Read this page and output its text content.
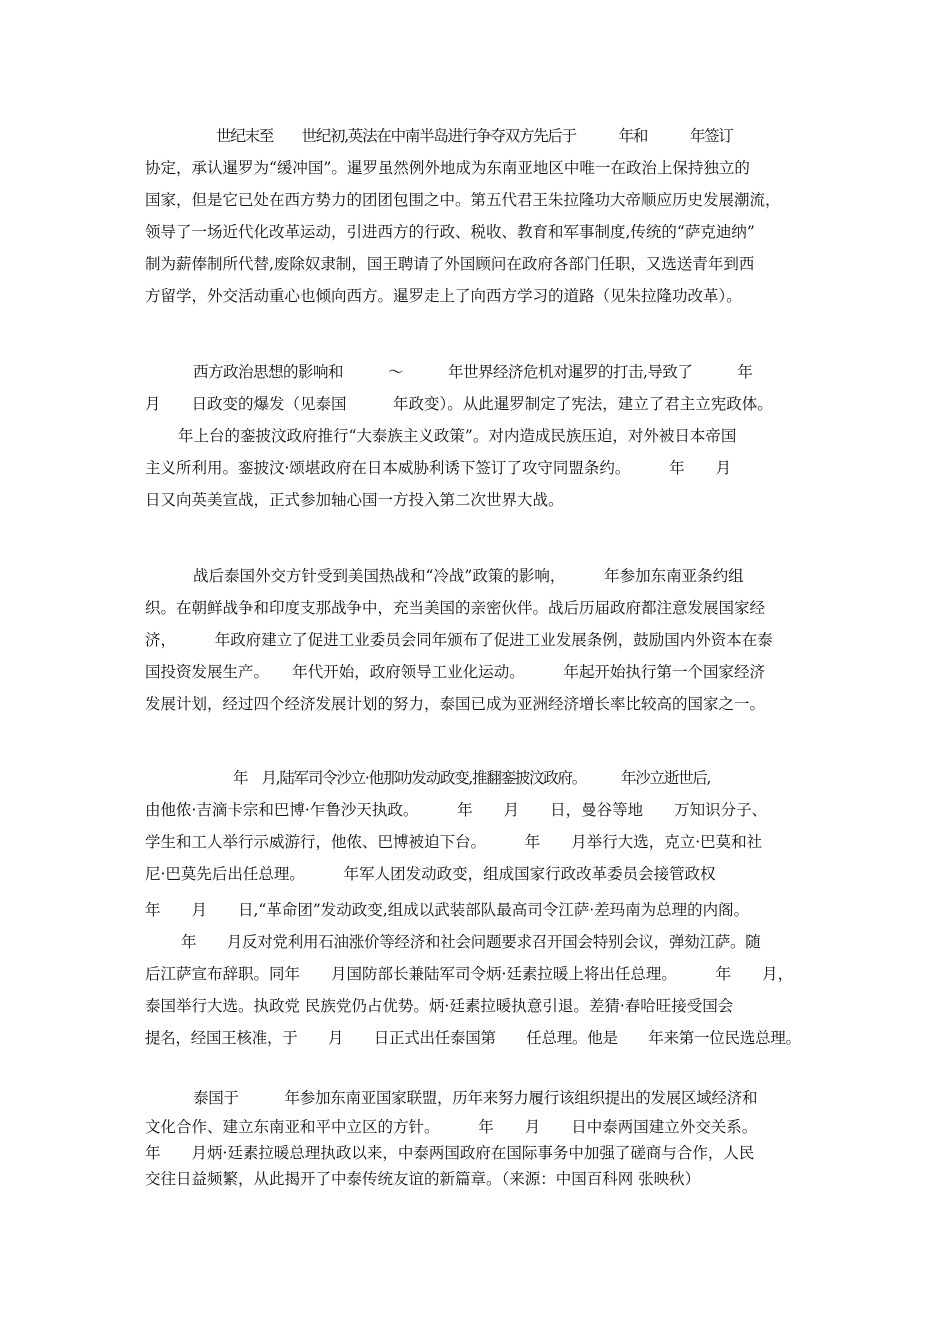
世纪末至　　世纪初,英法在中南半岛进行争夺双方先后于　　　年和　　　年签订

协定，承认暹罗为“缓冲国”。暹罗虽然例外地成为东南亚地区中唯一在政治上保持独立的

国家，但是它已处在西方势力的团团包围之中。第五代君王朱拉隆功大帝顺应历史发展潮流，

领导了一场近代化改革运动，引进西方的行政、税收、教育和军事制度,传统的“萨克迪纳”

制为薪俸制所代替,废除奴隶制，国王聘请了外国顾问在政府各部门任职，又选送青年到西

方留学，外交活动重心也倾向西方。暹罗走上了向西方学习的道路（见朱拉隆功改革）。

西方政治思想的影响和　　　～　　　年世界经济危机对暹罗的打击,导致了　　　年

月　　日政变的爆发（见泰国　　　年政变）。从此暹罗制定了宪法，建立了君主立宪政体。

年上台的銮披汶政府推行“大泰族主义政策”。对内造成民族压迫，对外被日本帝国

主义所利用。銮披汶·颂堪政府在日本威胁利诱下签订了攻守同盟条约。　　　年　　月

日又向英美宣战，正式参加轴心国一方投入第二次世界大战。

战后泰国外交方针受到美国热战和“冷战”政策的影响，　　　年参加东南亚条约组

织。在朝鲜战争和印度支那战争中，充当美国的亲密伙伴。战后历届政府都注意发展国家经

济，　　　年政府建立了促进工业委员会同年颁布了促进工业发展条例，鼓励国内外资本在泰

国投资发展生产。　　年代开始，政府领导工业化运动。　　　年起开始执行第一个国家经济

发展计划，经过四个经济发展计划的努力，泰国已成为亚洲经济增长率比较高的国家之一。

年　月,陆军司令沙立·他那叻发动政变,推翻銮披汶政府。　　　年沙立逝世后,

由他侬·吉滴卡宗和巴博·乍鲁沙天执政。　　　年　　月　　日，曼谷等地　　万知识分子、

学生和工人举行示威游行，他侬、巴博被迫下台。　　　年　　月举行大选，克立·巴莫和社

尼·巴莫先后出任总理。　　　年军人团发动政变，组成国家行政改革委员会接管政权

年　　月　　日,“革命团”发动政变,组成以武装部队最高司令江萨·差玛南为总理的内阁。

年　　月反对党利用石油涨价等经济和社会问题要求召开国会特别会议，弹劾江萨。随

后江萨宣布辞职。同年　　月国防部长兼陆军司令炳·廷素拉暖上将出任总理。　　　年　　月，

泰国举行大选。执政党 民族党仍占优势。炳·廷素拉暖执意引退。差猜·春哈旺接受国会

提名，经国王核准，于　　月　　日正式出任泰国第　　任总理。他是　　年来第一位民选总理。

泰国于　　　年参加东南亚国家联盟，历年来努力履行该组织提出的发展区域经济和

文化合作、建立东南亚和平中立区的方针。　　　年　　月　　日中泰两国建立外交关系。

年　　月炳·廷素拉暖总理执政以来，中泰两国政府在国际事务中加强了磋商与合作，人民

交往日益频繁，从此揭开了中泰传统友谊的新篇章。（来源：中国百科网 张映秋）
